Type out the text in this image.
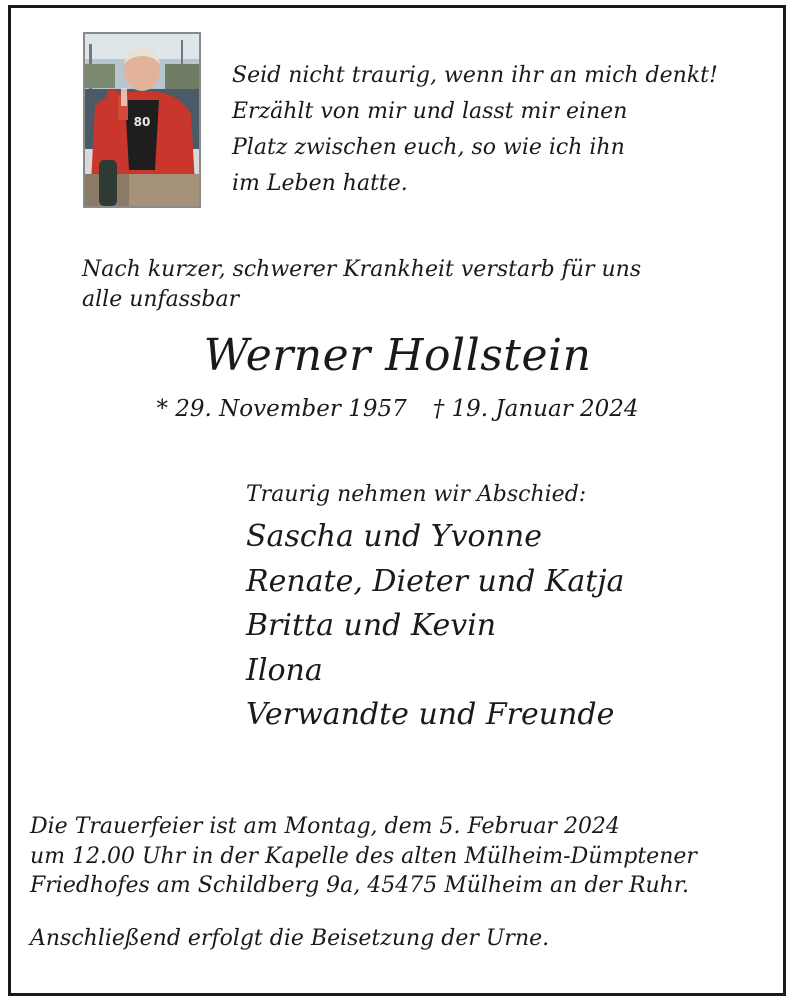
80
Seid nicht traurig, wenn ihr an mich denkt!
Erzählt von mir und lasst mir einen
Platz zwischen euch, so wie ich ihn
im Leben hatte.
Nach kurzer, schwerer Krankheit verstarb für uns
alle unfassbar
Werner Hollstein
* 29. November 1957 † 19. Januar 2024
Traurig nehmen wir Abschied:
Sascha und Yvonne
Renate, Dieter und Katja
Britta und Kevin
Ilona
Verwandte und Freunde
Die Trauerfeier ist am Montag, dem 5. Februar 2024
um 12.00 Uhr in der Kapelle des alten Mülheim-Dümptener
Friedhofes am Schildberg 9a, 45475 Mülheim an der Ruhr.
Anschließend erfolgt die Beisetzung der Urne.
